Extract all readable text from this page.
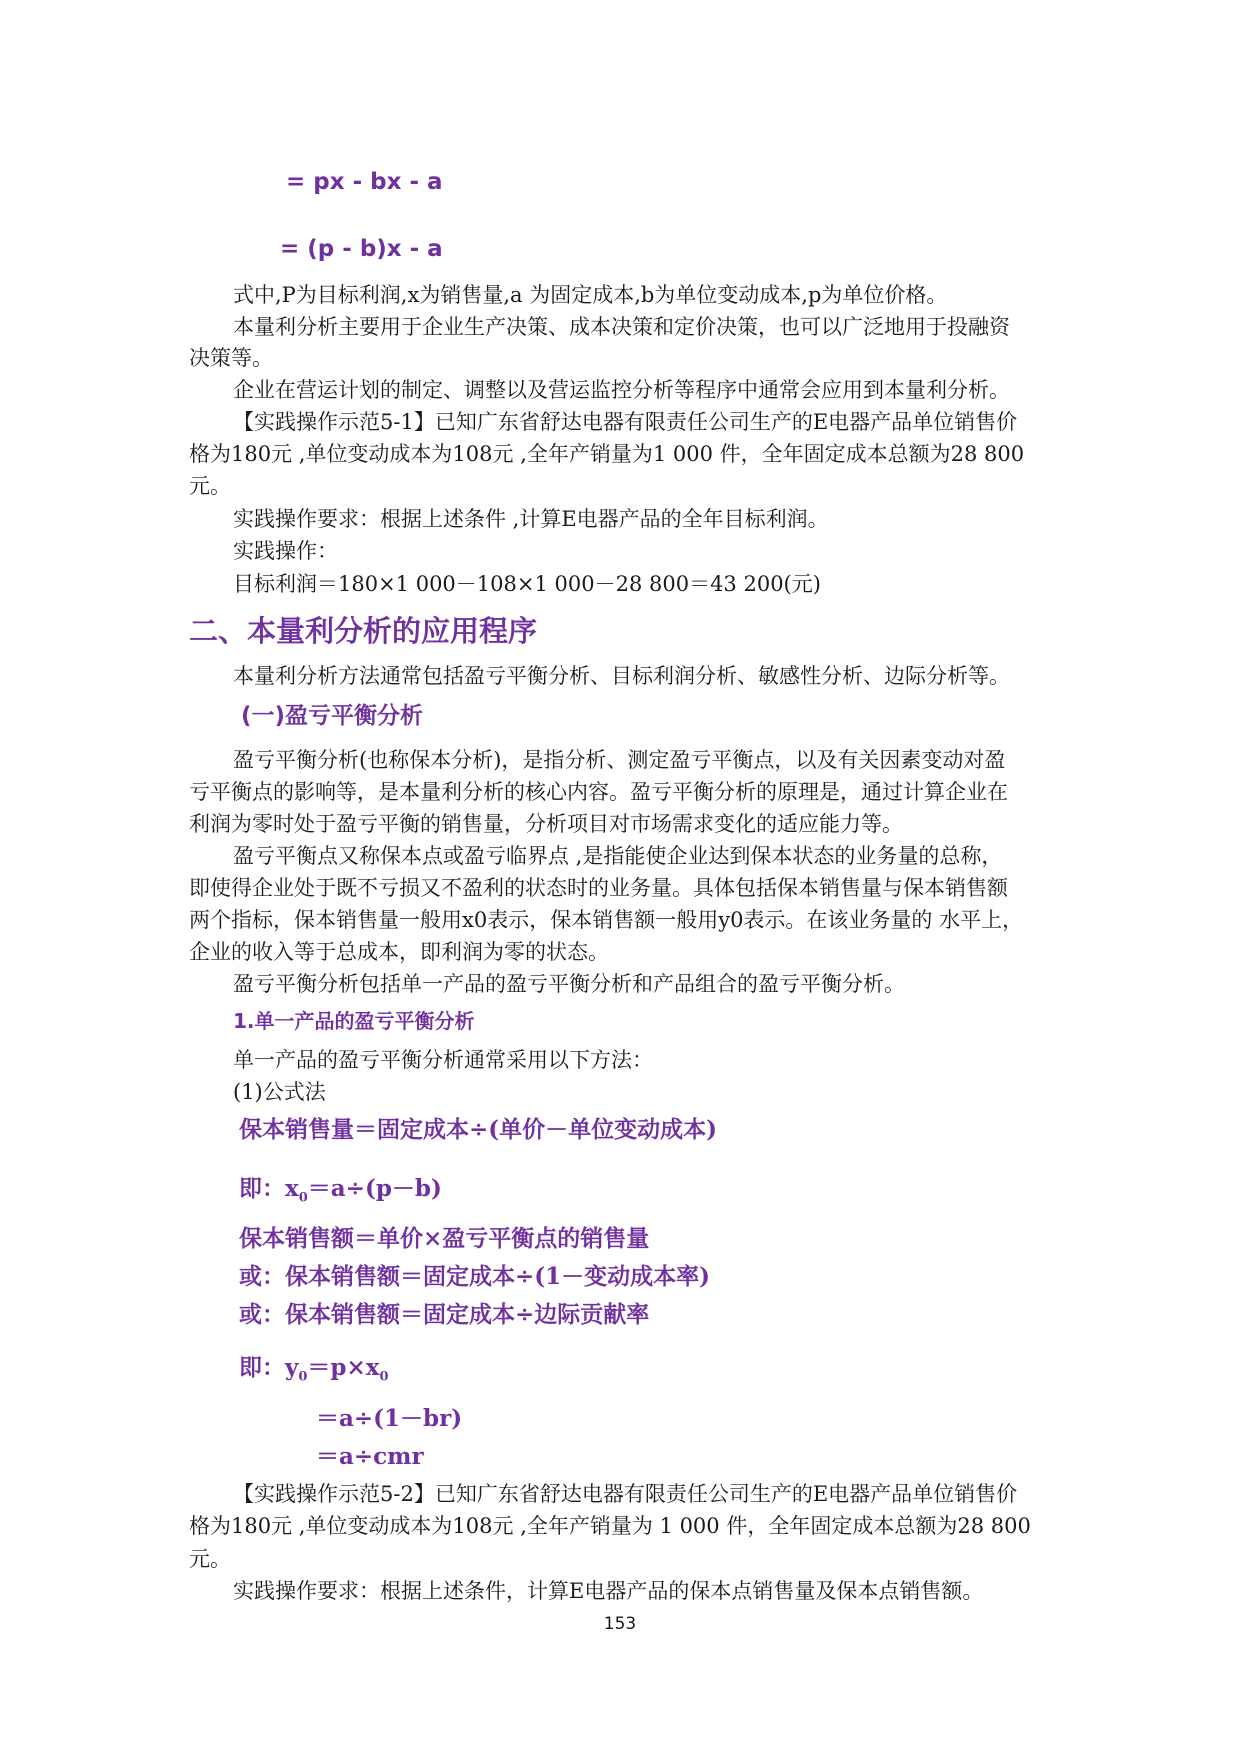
= px - bx - a
= (p - b)x - a
式中,P为目标利润,x为销售量,a 为固定成本,b为单位变动成本,p为单位价格。
本量利分析主要用于企业生产决策、成本决策和定价决策，也可以广泛地用于投融资
决策等。
企业在营运计划的制定、调整以及营运监控分析等程序中通常会应用到本量利分析。
【实践操作示范5-1】已知广东省舒达电器有限责任公司生产的E电器产品单位销售价
格为180元 ,单位变动成本为108元 ,全年产销量为1 000 件，全年固定成本总额为28 800
元。
实践操作要求：根据上述条件 ,计算E电器产品的全年目标利润。
实践操作：
目标利润＝180×1 000－108×1 000－28 800＝43 200(元)
二、本量利分析的应用程序
本量利分析方法通常包括盈亏平衡分析、目标利润分析、敏感性分析、边际分析等。
(一)盈亏平衡分析
盈亏平衡分析(也称保本分析)，是指分析、测定盈亏平衡点，以及有关因素变动对盈
亏平衡点的影响等，是本量利分析的核心内容。盈亏平衡分析的原理是，通过计算企业在
利润为零时处于盈亏平衡的销售量，分析项目对市场需求变化的适应能力等。
盈亏平衡点又称保本点或盈亏临界点 ,是指能使企业达到保本状态的业务量的总称，
即使得企业处于既不亏损又不盈利的状态时的业务量。具体包括保本销售量与保本销售额
两个指标，保本销售量一般用x0表示，保本销售额一般用y0表示。在该业务量的 水平上，
企业的收入等于总成本，即利润为零的状态。
盈亏平衡分析包括单一产品的盈亏平衡分析和产品组合的盈亏平衡分析。
1.单一产品的盈亏平衡分析
单一产品的盈亏平衡分析通常采用以下方法：
(1)公式法
保本销售量＝固定成本÷(单价－单位变动成本)
即：$x_0=a\div(p-b)$
保本销售额＝单价×盈亏平衡点的销售量
或：保本销售额＝固定成本÷(1－变动成本率)
或：保本销售额＝固定成本÷边际贡献率
即：$y_0=p\times x_0$
＝a÷(1－br)
＝a÷cmr
【实践操作示范5-2】已知广东省舒达电器有限责任公司生产的E电器产品单位销售价
格为180元 ,单位变动成本为108元 ,全年产销量为 1 000 件，全年固定成本总额为28 800
元。
实践操作要求：根据上述条件，计算E电器产品的保本点销售量及保本点销售额。
153
